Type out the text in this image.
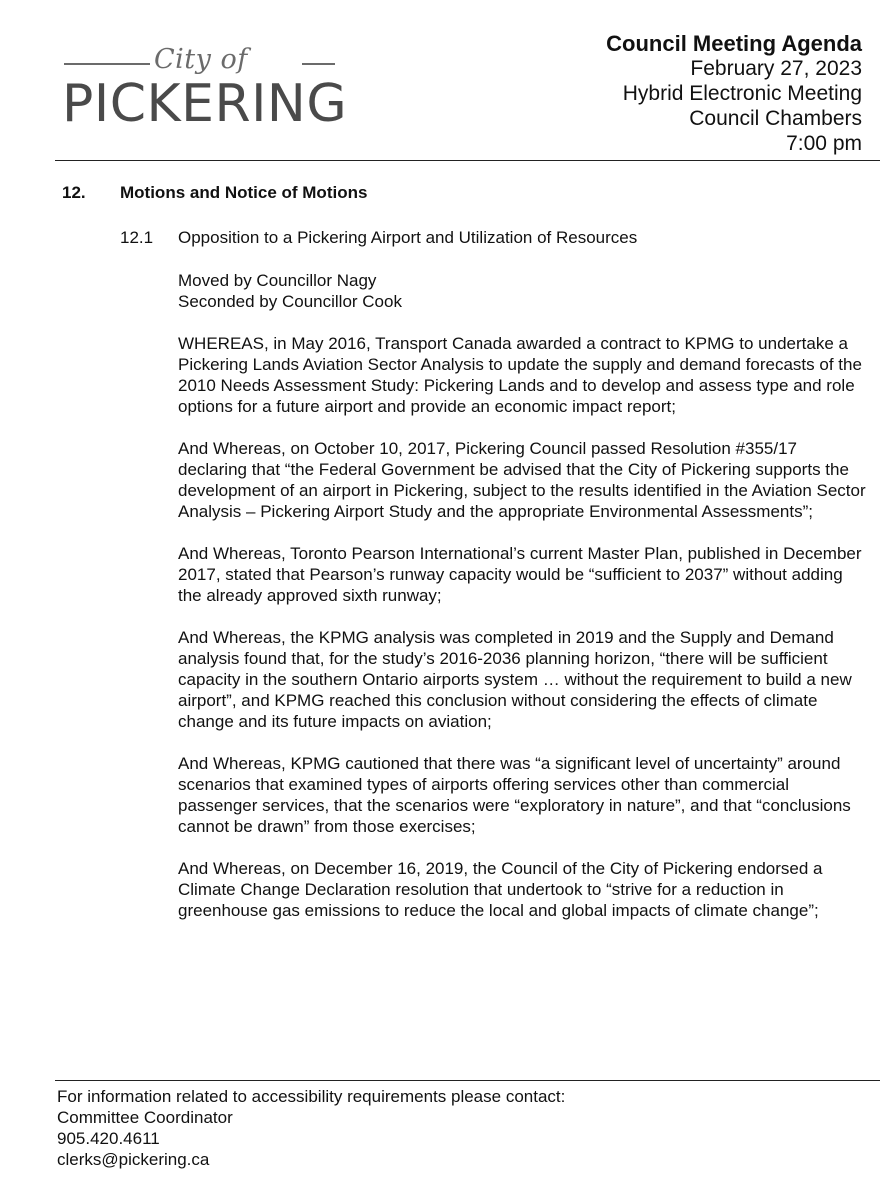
City of
PICKERING
Council Meeting Agenda
February 27, 2023
Hybrid Electronic Meeting
Council Chambers
7:00 pm
12. Motions and Notice of Motions
12.1 Opposition to a Pickering Airport and Utilization of Resources

Moved by Councillor Nagy
Seconded by Councillor Cook

WHEREAS, in May 2016, Transport Canada awarded a contract to KPMG to undertake a Pickering Lands Aviation Sector Analysis to update the supply and demand forecasts of the 2010 Needs Assessment Study: Pickering Lands and to develop and assess type and role options for a future airport and provide an economic impact report;

And Whereas, on October 10, 2017, Pickering Council passed Resolution #355/17 declaring that “the Federal Government be advised that the City of Pickering supports the development of an airport in Pickering, subject to the results identified in the Aviation Sector Analysis – Pickering Airport Study and the appropriate Environmental Assessments”;

And Whereas, Toronto Pearson International’s current Master Plan, published in December 2017, stated that Pearson’s runway capacity would be “sufficient to 2037” without adding the already approved sixth runway;

And Whereas, the KPMG analysis was completed in 2019 and the Supply and Demand analysis found that, for the study’s 2016-2036 planning horizon, “there will be sufficient capacity in the southern Ontario airports system … without the requirement to build a new airport”, and KPMG reached this conclusion without considering the effects of climate change and its future impacts on aviation;

And Whereas, KPMG cautioned that there was “a significant level of uncertainty” around scenarios that examined types of airports offering services other than commercial passenger services, that the scenarios were “exploratory in nature”, and that “conclusions cannot be drawn” from those exercises;

And Whereas, on December 16, 2019, the Council of the City of Pickering endorsed a Climate Change Declaration resolution that undertook to “strive for a reduction in greenhouse gas emissions to reduce the local and global impacts of climate change”;

For information related to accessibility requirements please contact:
Committee Coordinator
905.420.4611
clerks@pickering.ca
